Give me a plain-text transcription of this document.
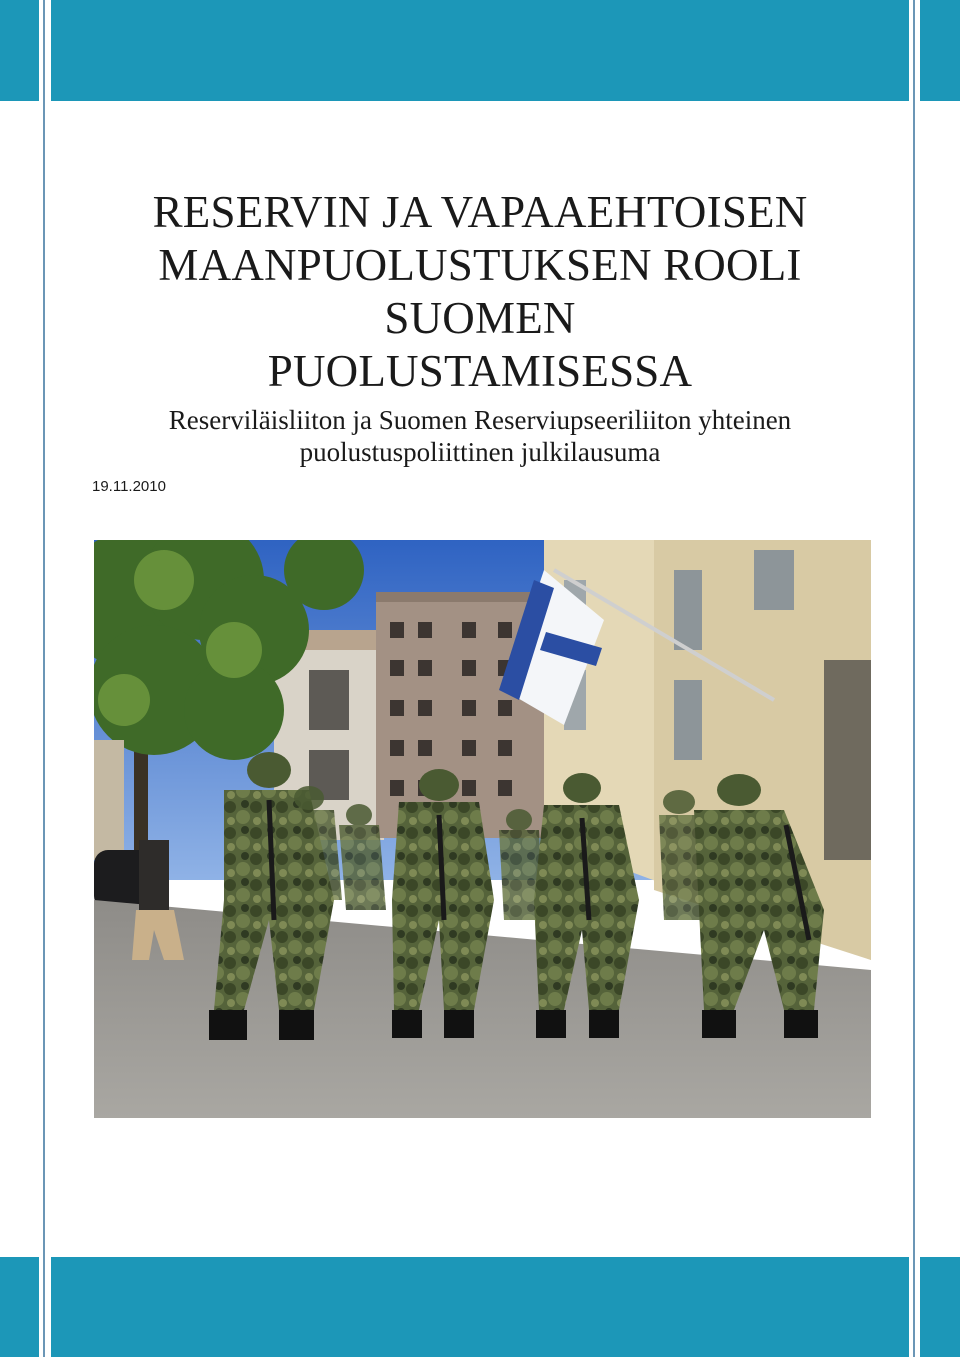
RESERVIN JA VAPAAEHTOISEN
MAANPUOLUSTUKSEN ROOLI SUOMEN
PUOLUSTAMISESSA

Reserviläisliiton ja Suomen Reserviupseeriliiton yhteinen
puolustuspoliittinen julkilausuma

19.11.2010
